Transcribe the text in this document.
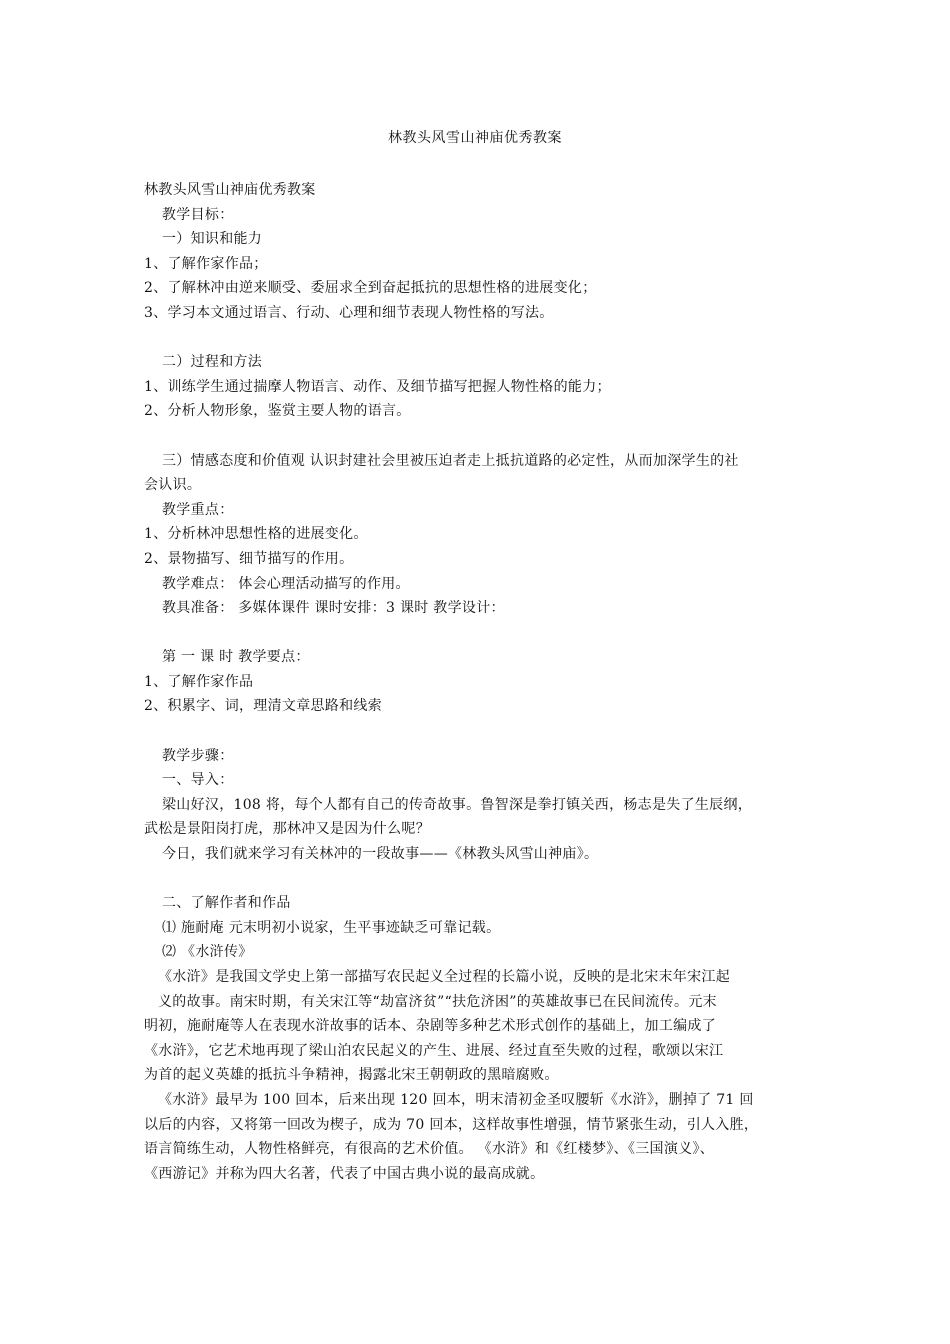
林教头风雪山神庙优秀教案
林教头风雪山神庙优秀教案
教学目标：
一）知识和能力
1、了解作家作品；
2、了解林冲由逆来顺受、委屈求全到奋起抵抗的思想性格的进展变化；
3、学习本文通过语言、行动、心理和细节表现人物性格的写法。
二）过程和方法
1、训练学生通过揣摩人物语言、动作、及细节描写把握人物性格的能力；
2、分析人物形象，鉴赏主要人物的语言。
三）情感态度和价值观 认识封建社会里被压迫者走上抵抗道路的必定性，从而加深学生的社
会认识。
教学重点：
1、分析林冲思想性格的进展变化。
2、景物描写、细节描写的作用。
教学难点： 体会心理活动描写的作用。
教具准备： 多媒体课件 课时安排：3 课时 教学设计：
第 一 课 时 教学要点：
1、了解作家作品
2、积累字、词，理清文章思路和线索
教学步骤：
一、导入：
梁山好汉，108 将，每个人都有自己的传奇故事。鲁智深是拳打镇关西，杨志是失了生辰纲，
武松是景阳岗打虎，那林冲又是因为什么呢？
今日，我们就来学习有关林冲的一段故事——《林教头风雪山神庙》。
二、了解作者和作品
⑴ 施耐庵 元末明初小说家，生平事迹缺乏可靠记载。
⑵ 《水浒传》
《水浒》是我国文学史上第一部描写农民起义全过程的长篇小说，反映的是北宋末年宋江起
义的故事。南宋时期，有关宋江等“劫富济贫”“扶危济困”的英雄故事已在民间流传。元末
明初，施耐庵等人在表现水浒故事的话本、杂剧等多种艺术形式创作的基础上，加工编成了
《水浒》，它艺术地再现了梁山泊农民起义的产生、进展、经过直至失败的过程，歌颂以宋江
为首的起义英雄的抵抗斗争精神，揭露北宋王朝朝政的黑暗腐败。
《水浒》最早为 100 回本，后来出现 120 回本，明末清初金圣叹腰斩《水浒》，删掉了 71 回
以后的内容，又将第一回改为楔子，成为 70 回本，这样故事性增强，情节紧张生动，引人入胜，
语言简练生动，人物性格鲜亮，有很高的艺术价值。 《水浒》和《红楼梦》、《三国演义》、
《西游记》并称为四大名著，代表了中国古典小说的最高成就。
